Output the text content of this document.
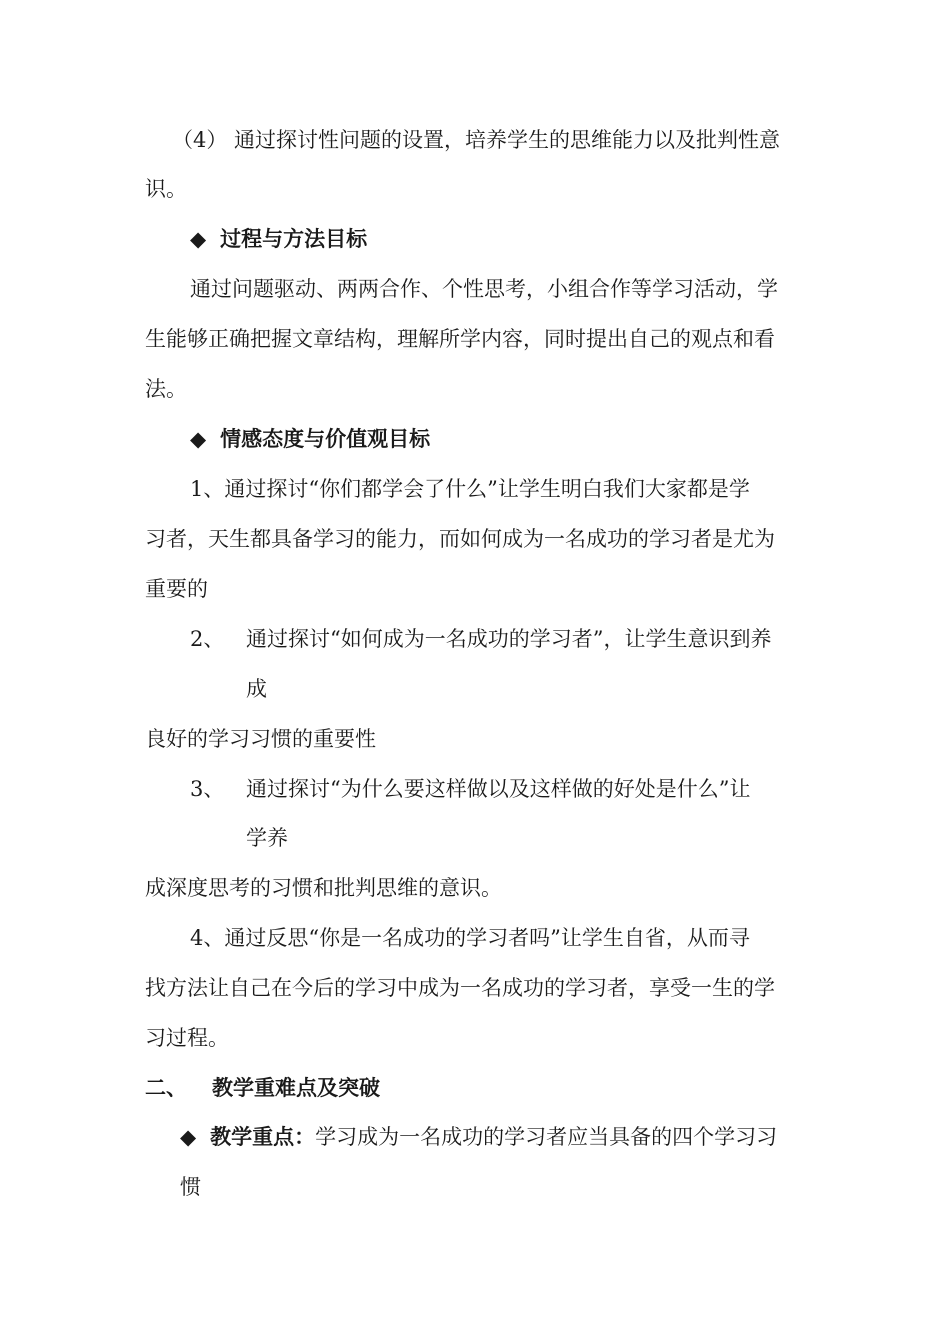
（4） 通过探讨性问题的设置，培养学生的思维能力以及批判性意
识。
◆ 过程与方法目标
通过问题驱动、两两合作、个性思考，小组合作等学习活动，学
生能够正确把握文章结构，理解所学内容，同时提出自己的观点和看
法。
◆ 情感态度与价值观目标
1、通过探讨“你们都学会了什么”让学生明白我们大家都是学
习者，天生都具备学习的能力，而如何成为一名成功的学习者是尤为
重要的
2、 通过探讨“如何成为一名成功的学习者”，让学生意识到养
成
良好的学习习惯的重要性
3、 通过探讨“为什么要这样做以及这样做的好处是什么”让
学养
成深度思考的习惯和批判思维的意识。
4、通过反思“你是一名成功的学习者吗”让学生自省，从而寻
找方法让自己在今后的学习中成为一名成功的学习者，享受一生的学
习过程。
二、 教学重难点及突破
◆ 教学重点：学习成为一名成功的学习者应当具备的四个学习习
惯
